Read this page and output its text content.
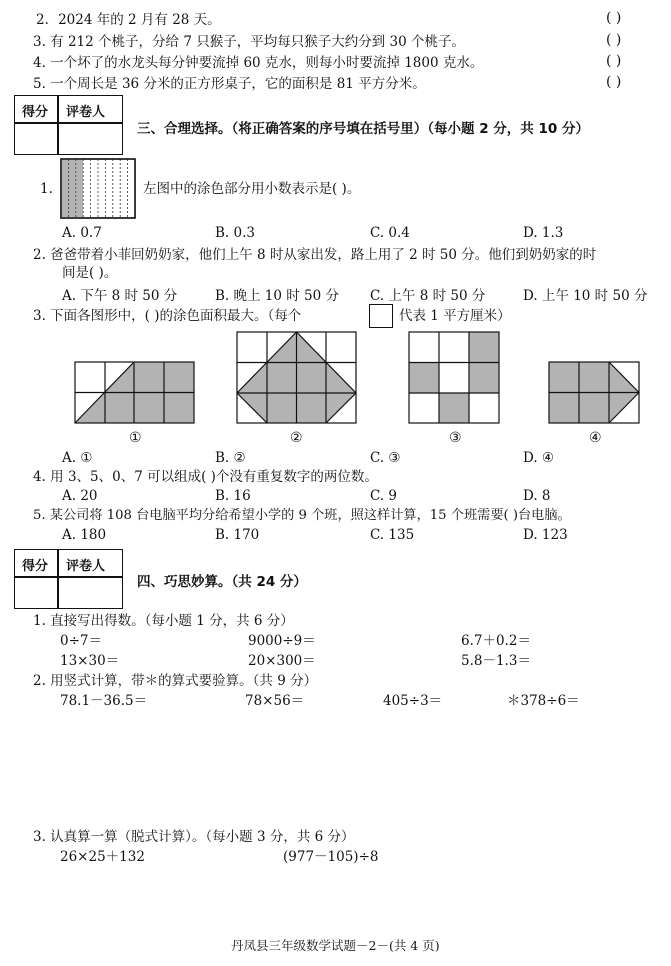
2．2024 年的 2 月有 28 天。	( )
3. 有 212 个桃子，分给 7 只猴子，平均每只猴子大约分到 30 个桃子。	( )
4. 一个坏了的水龙头每分钟要流掉 60 克水，则每小时要流掉 1800 克水。	( )
5. 一个周长是 36 分米的正方形桌子，它的面积是 81 平方分米。	( )
得分 评卷人
三、合理选择。（将正确答案的序号填在括号里）（每小题 2 分，共 10 分）
1.	左图中的涂色部分用小数表示是( )。
A. 0.7	B. 0.3	C. 0.4	D. 1.3
2. 爸爸带着小菲回奶奶家，他们上午 8 时从家出发，路上用了 2 时 50 分。他们到奶奶家的时
间是( )。
A. 下午 8 时 50 分	B. 晚上 10 时 50 分 C. 上午 8 时 50 分	D. 上午 10 时 50 分
3. 下面各图形中，( )的涂色面积最大。（每个	代表 1 平方厘米）
①	②	③	④
A. ①	B. ②	C. ③	D. ④
4. 用 3、5、0、7 可以组成( )个没有重复数字的两位数。
A. 20	B. 16	C. 9	D. 8
5. 某公司将 108 台电脑平均分给希望小学的 9 个班，照这样计算，15 个班需要( )台电脑。
A. 180	B. 170	C. 135	D. 123
得分 评卷人
四、巧思妙算。（共 24 分）
1. 直接写出得数。（每小题 1 分，共 6 分）
0÷7＝	9000÷9＝	6.7＋0.2＝
13×30＝	20×300＝	5.8－1.3＝
2. 用竖式计算，带＊的算式要验算。（共 9 分）
78.1－36.5＝	78×56＝	405÷3＝	＊378÷6＝
3. 认真算一算（脱式计算）。（每小题 3 分，共 6 分）
26×25＋132	(977－105)÷8
丹凤县三年级数学试题－2－(共 4 页)
